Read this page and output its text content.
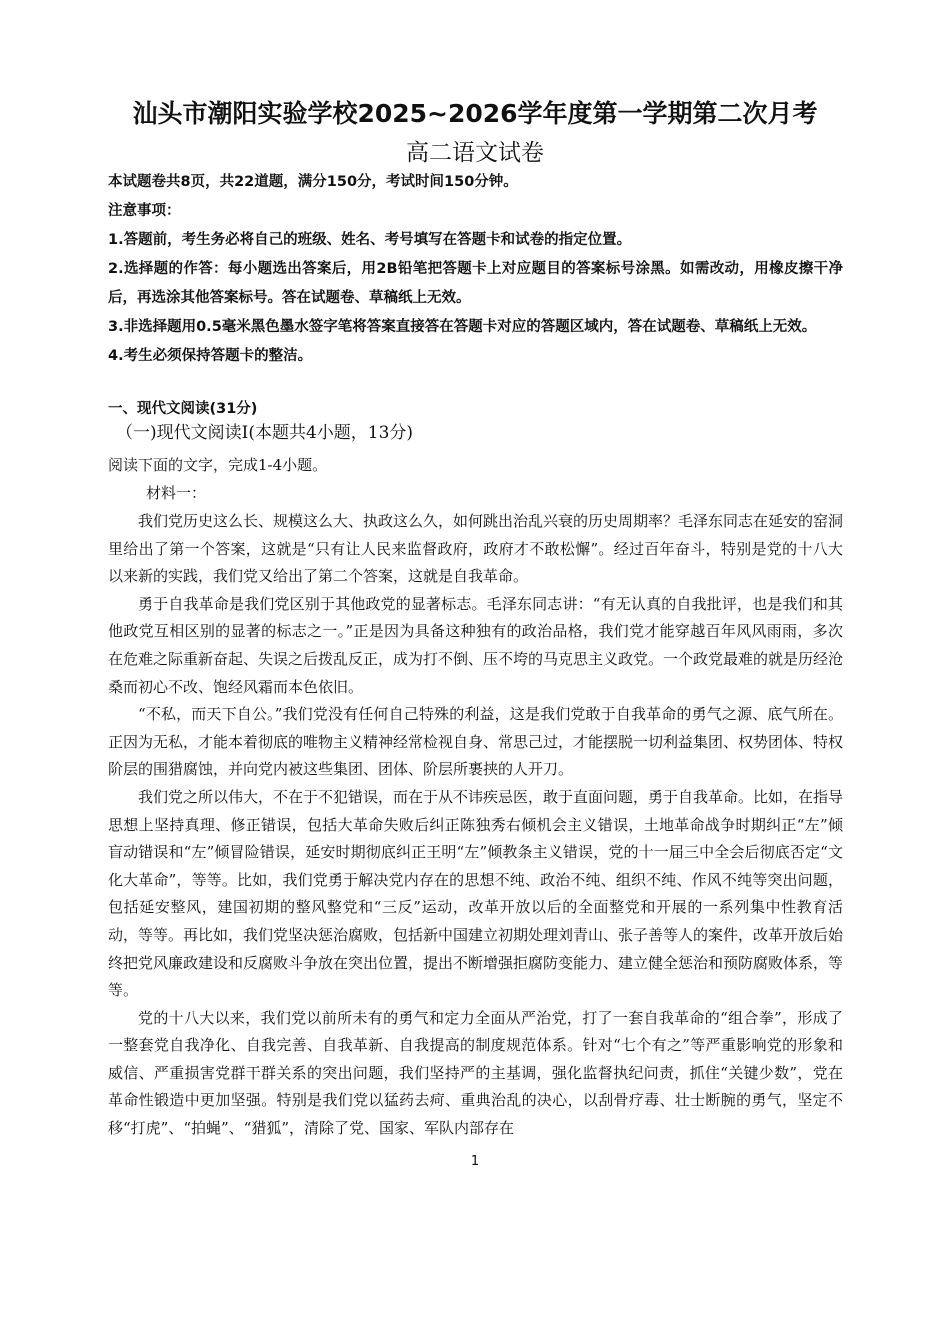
汕头市潮阳实验学校2025~2026学年度第一学期第二次月考
高二语文试卷

本试题卷共8页，共22道题，满分150分，考试时间150分钟。

注意事项：

1.答题前，考生务必将自己的班级、姓名、考号填写在答题卡和试卷的指定位置。

2.选择题的作答：每小题选出答案后，用2B铅笔把答题卡上对应题目的答案标号涂黑。如需改动，用橡皮擦干净后，再选涂其他答案标号。答在试题卷、草稿纸上无效。

3.非选择题用0.5毫米黑色墨水签字笔将答案直接答在答题卡对应的答题区域内，答在试题卷、草稿纸上无效。

4.考生必须保持答题卡的整洁。

一、现代文阅读(31分)
（一)现代文阅读Ⅰ(本题共4小题，13分)
阅读下面的文字，完成1-4小题。
材料一：

我们党历史这么长、规模这么大、执政这么久，如何跳出治乱兴衰的历史周期率？毛泽东同志在延安的窑洞里给出了第一个答案，这就是“只有让人民来监督政府，政府才不敢松懈”。经过百年奋斗，特别是党的十八大以来新的实践，我们党又给出了第二个答案，这就是自我革命。

勇于自我革命是我们党区别于其他政党的显著标志。毛泽东同志讲：“有无认真的自我批评，也是我们和其他政党互相区别的显著的标志之一。”正是因为具备这种独有的政治品格，我们党才能穿越百年风风雨雨，多次在危难之际重新奋起、失误之后拨乱反正，成为打不倒、压不垮的马克思主义政党。一个政党最难的就是历经沧桑而初心不改、饱经风霜而本色依旧。

“不私，而天下自公。”我们党没有任何自己特殊的利益，这是我们党敢于自我革命的勇气之源、底气所在。正因为无私，才能本着彻底的唯物主义精神经常检视自身、常思己过，才能摆脱一切利益集团、权势团体、特权阶层的围猎腐蚀，并向党内被这些集团、团体、阶层所裹挟的人开刀。

我们党之所以伟大，不在于不犯错误，而在于从不讳疾忌医，敢于直面问题，勇于自我革命。比如，在指导思想上坚持真理、修正错误，包括大革命失败后纠正陈独秀右倾机会主义错误，土地革命战争时期纠正“左”倾盲动错误和“左”倾冒险错误，延安时期彻底纠正王明“左”倾教条主义错误，党的十一届三中全会后彻底否定“文化大革命”，等等。比如，我们党勇于解决党内存在的思想不纯、政治不纯、组织不纯、作风不纯等突出问题，包括延安整风，建国初期的整风整党和“三反”运动，改革开放以后的全面整党和开展的一系列集中性教育活动，等等。再比如，我们党坚决惩治腐败，包括新中国建立初期处理刘青山、张子善等人的案件，改革开放后始终把党风廉政建设和反腐败斗争放在突出位置，提出不断增强拒腐防变能力、建立健全惩治和预防腐败体系，等等。

党的十八大以来，我们党以前所未有的勇气和定力全面从严治党，打了一套自我革命的“组合拳”，形成了一整套党自我净化、自我完善、自我革新、自我提高的制度规范体系。针对“七个有之”等严重影响党的形象和威信、严重损害党群干群关系的突出问题，我们坚持严的主基调，强化监督执纪问责，抓住“关键少数”，党在革命性锻造中更加坚强。特别是我们党以猛药去疴、重典治乱的决心，以刮骨疗毒、壮士断腕的勇气，坚定不移“打虎”、“拍蝇”、“猎狐”，清除了党、国家、军队内部存在

1
